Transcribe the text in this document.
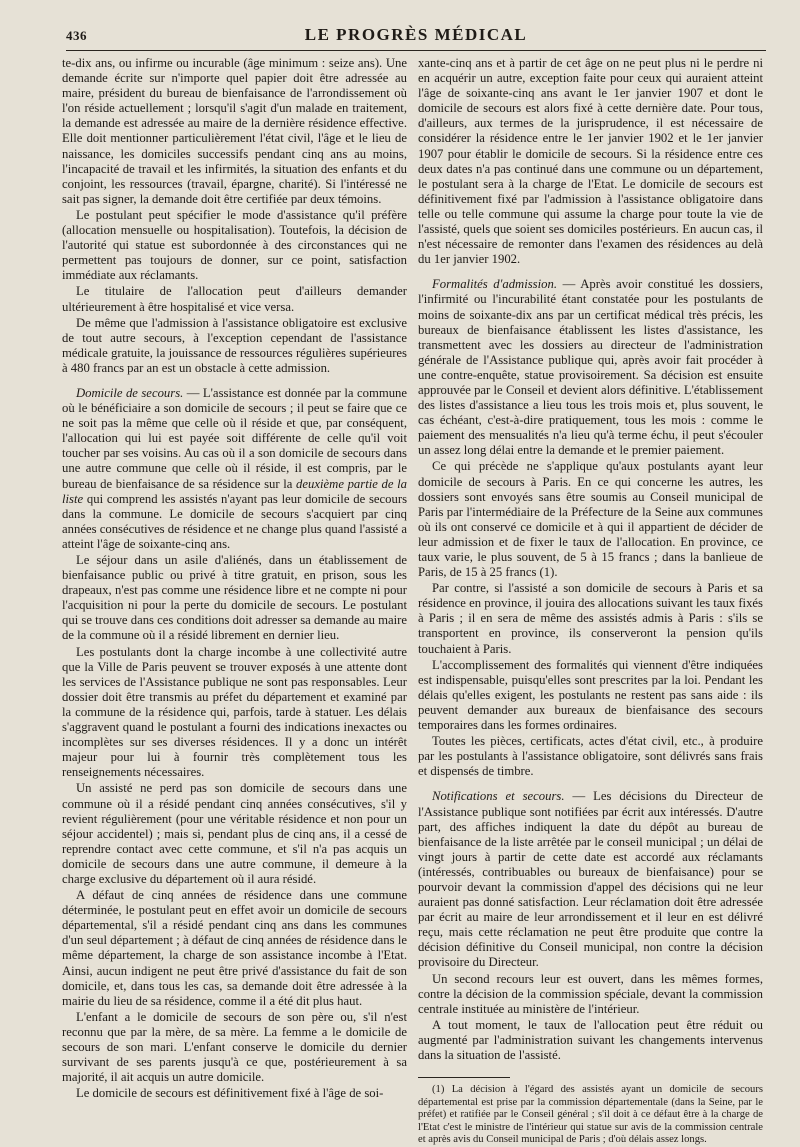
436	LE PROGRÈS MÉDICAL

te-dix ans, ou infirme ou incurable (âge minimum : seize ans). Une demande écrite sur n'importe quel papier doit être adressée au maire, président du bureau de bienfaisance de l'arrondissement où l'on réside actuellement ; lorsqu'il s'agit d'un malade en traitement, la demande est adressée au maire de la dernière résidence effective. Elle doit mentionner particulièrement l'état civil, l'âge et le lieu de naissance, les domiciles successifs pendant cinq ans au moins, l'incapacité de travail et les infirmités, la situation des enfants et du conjoint, les ressources (travail, épargne, charité). Si l'intéressé ne sait pas signer, la demande doit être certifiée par deux témoins.

Le postulant peut spécifier le mode d'assistance qu'il préfère (allocation mensuelle ou hospitalisation). Toutefois, la décision de l'autorité qui statue est subordonnée à des circonstances qui ne permettent pas toujours de donner, sur ce point, satisfaction immédiate aux réclamants.

Le titulaire de l'allocation peut d'ailleurs demander ultérieurement à être hospitalisé et vice versa.

De même que l'admission à l'assistance obligatoire est exclusive de tout autre secours, à l'exception cependant de l'assistance médicale gratuite, la jouissance de ressources régulières supérieures à 480 francs par an est un obstacle à cette admission.

Domicile de secours. — L'assistance est donnée par la commune où le bénéficiaire a son domicile de secours ; il peut se faire que ce ne soit pas la même que celle où il réside et que, par conséquent, l'allocation qui lui est payée soit différente de celle qu'il voit toucher par ses voisins. Au cas où il a son domicile de secours dans une autre commune que celle où il réside, il est compris, par le bureau de bienfaisance de sa résidence sur la deuxième partie de la liste qui comprend les assistés n'ayant pas leur domicile de secours dans la commune. Le domicile de secours s'acquiert par cinq années consécutives de résidence et ne change plus quand l'assisté a atteint l'âge de soixante-cinq ans.

Le séjour dans un asile d'aliénés, dans un établissement de bienfaisance public ou privé à titre gratuit, en prison, sous les drapeaux, n'est pas comme une résidence libre et ne compte ni pour l'acquisition ni pour la perte du domicile de secours. Le postulant qui se trouve dans ces conditions doit adresser sa demande au maire de la commune où il a résidé librement en dernier lieu.

Les postulants dont la charge incombe à une collectivité autre que la Ville de Paris peuvent se trouver exposés à une attente dont les services de l'Assistance publique ne sont pas responsables. Leur dossier doit être transmis au préfet du département et examiné par la commune de la résidence qui, parfois, tarde à statuer. Les délais s'aggravent quand le postulant a fourni des indications inexactes ou incomplètes sur ses diverses résidences. Il y a donc un intérêt majeur pour lui à fournir très complètement tous les renseignements nécessaires.

Un assisté ne perd pas son domicile de secours dans une commune où il a résidé pendant cinq années consécutives, s'il y revient régulièrement (pour une véritable résidence et non pour un séjour accidentel) ; mais si, pendant plus de cinq ans, il a cessé de reprendre contact avec cette commune, et s'il n'a pas acquis un domicile de secours dans une autre commune, il demeure à la charge exclusive du département où il aura résidé.

A défaut de cinq années de résidence dans une commune déterminée, le postulant peut en effet avoir un domicile de secours départemental, s'il a résidé pendant cinq ans dans les communes d'un seul département ; à défaut de cinq années de résidence dans le même département, la charge de son assistance incombe à l'Etat. Ainsi, aucun indigent ne peut être privé d'assistance du fait de son domicile, et, dans tous les cas, sa demande doit être adressée à la mairie du lieu de sa résidence, comme il a été dit plus haut.

L'enfant a le domicile de secours de son père ou, s'il n'est reconnu que par la mère, de sa mère. La femme a le domicile de secours de son mari. L'enfant conserve le domicile du dernier survivant de ses parents jusqu'à ce que, postérieurement à sa majorité, il ait acquis un autre domicile.

Le domicile de secours est définitivement fixé à l'âge de soi-

xante-cinq ans et à partir de cet âge on ne peut plus ni le perdre ni en acquérir un autre, exception faite pour ceux qui auraient atteint l'âge de soixante-cinq ans avant le 1er janvier 1907 et dont le domicile de secours est alors fixé à cette dernière date. Pour tous, d'ailleurs, aux termes de la jurisprudence, il est nécessaire de considérer la résidence entre le 1er janvier 1902 et le 1er janvier 1907 pour établir le domicile de secours. Si la résidence entre ces deux dates n'a pas continué dans une commune ou un département, le postulant sera à la charge de l'Etat. Le domicile de secours est définitivement fixé par l'admission à l'assistance obligatoire dans telle ou telle commune qui assume la charge pour toute la vie de l'assisté, quels que soient ses domiciles postérieurs. En aucun cas, il n'est nécessaire de remonter dans l'examen des résidences au delà du 1er janvier 1902.

Formalités d'admission. — Après avoir constitué les dossiers, l'infirmité ou l'incurabilité étant constatée pour les postulants de moins de soixante-dix ans par un certificat médical très précis, les bureaux de bienfaisance établissent les listes d'assistance, les transmettent avec les dossiers au directeur de l'administration générale de l'Assistance publique qui, après avoir fait procéder à une contre-enquête, statue provisoirement. Sa décision est ensuite approuvée par le Conseil et devient alors définitive. L'établissement des listes d'assistance a lieu tous les trois mois et, plus souvent, le cas échéant, c'est-à-dire pratiquement, tous les mois : comme le paiement des mensualités n'a lieu qu'à terme échu, il peut s'écouler un assez long délai entre la demande et le premier paiement.

Ce qui précède ne s'applique qu'aux postulants ayant leur domicile de secours à Paris. En ce qui concerne les autres, les dossiers sont envoyés sans être soumis au Conseil municipal de Paris par l'intermédiaire de la Préfecture de la Seine aux communes où ils ont conservé ce domicile et à qui il appartient de décider de leur admission et de fixer le taux de l'allocation. En province, ce taux varie, le plus souvent, de 5 à 15 francs ; dans la banlieue de Paris, de 15 à 25 francs (1).

Par contre, si l'assisté a son domicile de secours à Paris et sa résidence en province, il jouira des allocations suivant les taux fixés à Paris ; il en sera de même des assistés admis à Paris : s'ils se transportent en province, ils conserveront la pension qu'ils touchaient à Paris.

L'accomplissement des formalités qui viennent d'être indiquées est indispensable, puisqu'elles sont prescrites par la loi. Pendant les délais qu'elles exigent, les postulants ne restent pas sans aide : ils peuvent demander aux bureaux de bienfaisance des secours temporaires dans les formes ordinaires.

Toutes les pièces, certificats, actes d'état civil, etc., à produire par les postulants à l'assistance obligatoire, sont délivrés sans frais et dispensés de timbre.

Notifications et secours. — Les décisions du Directeur de l'Assistance publique sont notifiées par écrit aux intéressés. D'autre part, des affiches indiquent la date du dépôt au bureau de bienfaisance de la liste arrêtée par le conseil municipal ; un délai de vingt jours à partir de cette date est accordé aux réclamants (intéressés, contribuables ou bureaux de bienfaisance) pour se pourvoir devant la commission d'appel des décisions qui ne leur auraient pas donné satisfaction. Leur réclamation doit être adressée par écrit au maire de leur arrondissement et il leur en est délivré reçu, mais cette réclamation ne peut être produite que contre la décision définitive du Conseil municipal, non contre la décision provisoire du Directeur.

Un second recours leur est ouvert, dans les mêmes formes, contre la décision de la commission spéciale, devant la commission centrale instituée au ministère de l'intérieur.

A tout moment, le taux de l'allocation peut être réduit ou augmenté par l'administration suivant les changements intervenus dans la situation de l'assisté.

(1) La décision à l'égard des assistés ayant un domicile de secours départemental est prise par la commission départementale (dans la Seine, par le préfet) et ratifiée par le Conseil général ; s'il doit à ce défaut être à la charge de l'Etat c'est le ministre de l'intérieur qui statue sur avis de la commission centrale et après avis du Conseil municipal de Paris ; d'où délais assez longs.
